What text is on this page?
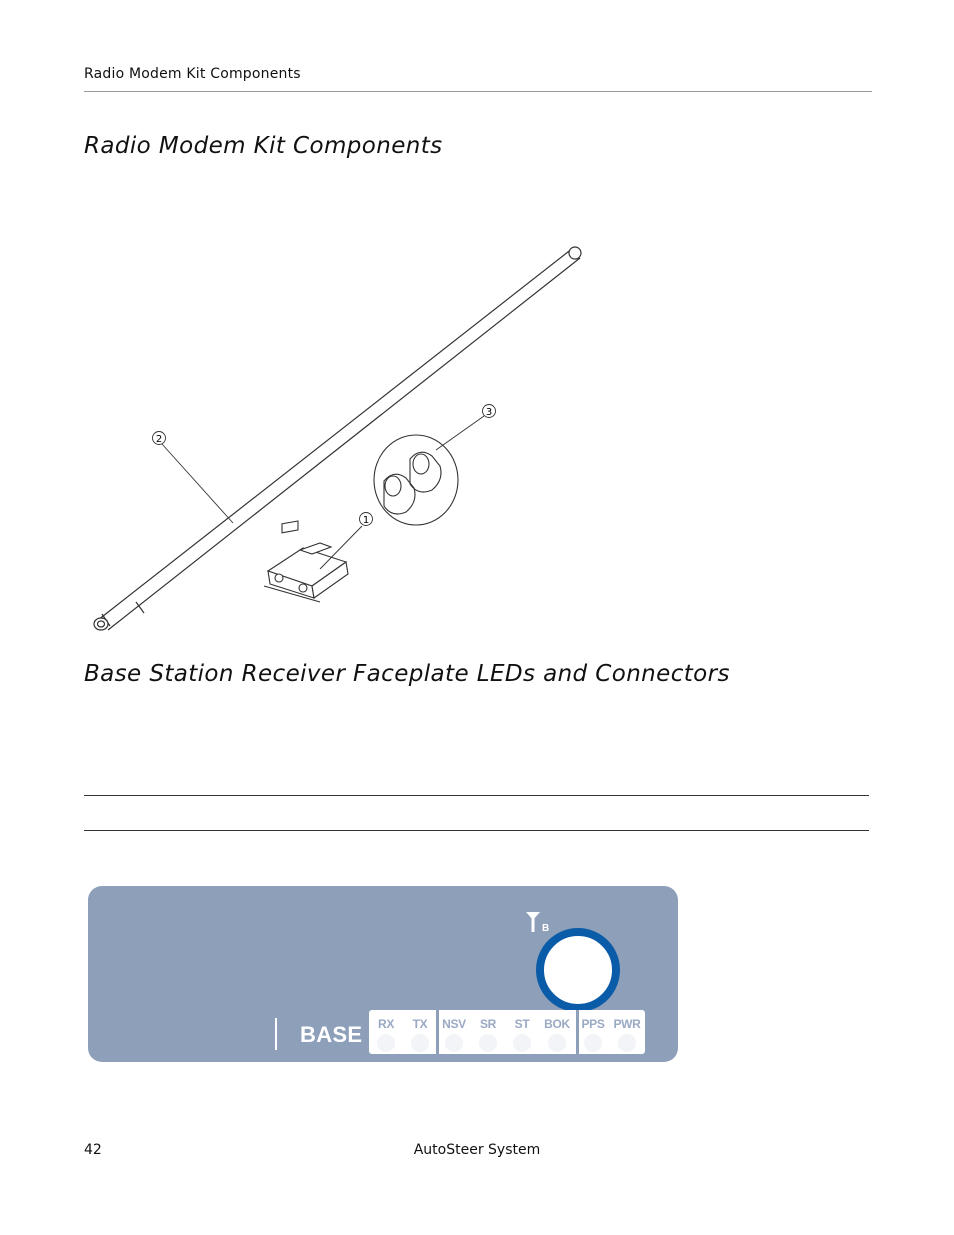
Radio Modem Kit Components
Radio Modem Kit Components
2
1
3
Base Station Receiver Faceplate LEDs and Connectors
B
BASE	RX	TX	NSV	SR	ST	BOK PPS PWR
42	AutoSteer System
